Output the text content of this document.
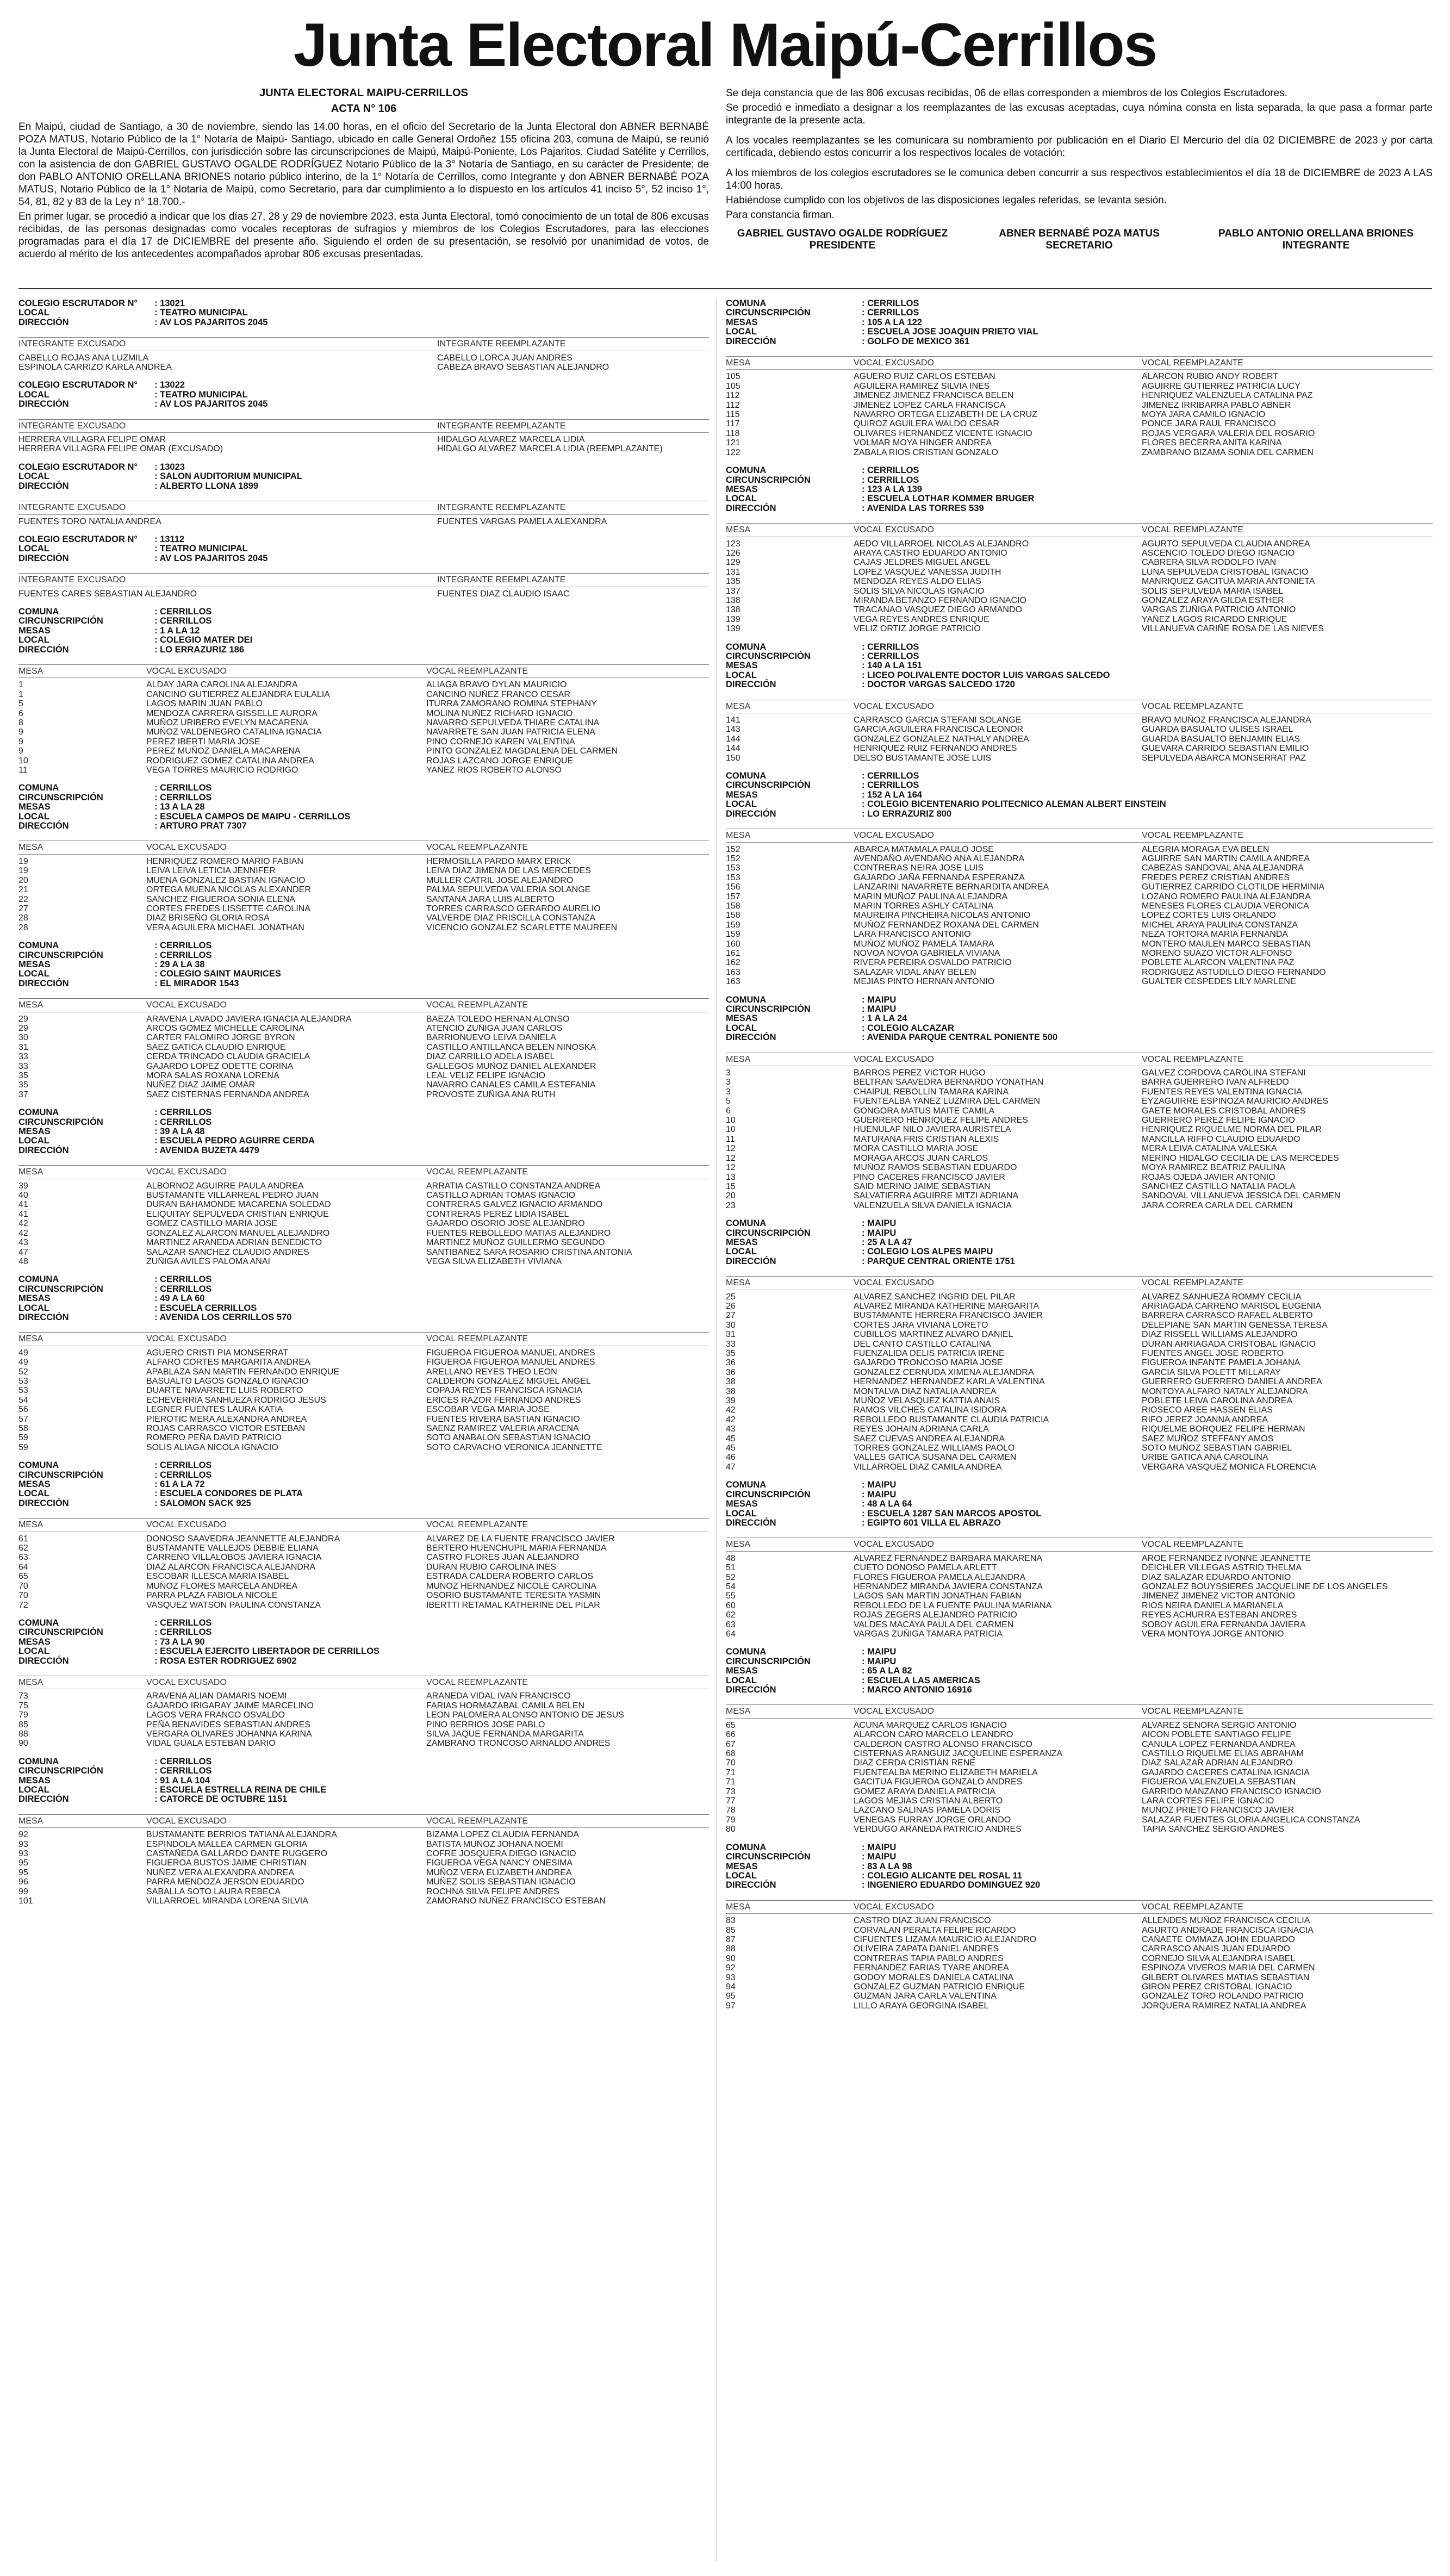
Junta Electoral Maipú-Cerrillos
JUNTA ELECTORAL MAIPU-CERRILLOS
ACTA N° 106

En Maipú, ciudad de Santiago, a 30 de noviembre, siendo las 14.00 horas, en el oficio del Secretario de la Junta Electoral don ABNER BERNABÉ POZA MATUS, Notario Público de la 1° Notaría de Maipú- Santiago, ubicado en calle General Ordoñez 155 oficina 203, comuna de Maipú, se reunió la Junta Electoral de Maipú-Cerrillos, con jurisdicción sobre las circunscripciones de Maipú, Maipú-Poniente, Los Pajaritos, Ciudad Satélite y Cerrillos, con la asistencia de don GABRIEL GUSTAVO OGALDE RODRÍGUEZ Notario Público de la 3° Notaría de Santiago, en su carácter de Presidente; de don PABLO ANTONIO ORELLANA BRIONES notario público interino, de la 1° Notaría de Cerrillos, como Integrante y don ABNER BERNABÉ POZA MATUS, Notario Público de la 1° Notaría de Maipú, como Secretario, para dar cumplimiento a lo dispuesto en los artículos 41 inciso 5°, 52 inciso 1°, 54, 81, 82 y 83 de la Ley n° 18.700.-

En primer lugar, se procedió a indicar que los días 27, 28 y 29 de noviembre 2023, esta Junta Electoral, tomó conocimiento de un total de 806 excusas recibidas, de las personas designadas como vocales receptoras de sufragios y miembros de los Colegios Escrutadores, para las elecciones programadas para el día 17 de DICIEMBRE del presente año. Siguiendo el orden de su presentación, se resolvió por unanimidad de votos, de acuerdo al mérito de los antecedentes acompañados aprobar 806 excusas presentadas.

Se deja constancia que de las 806 excusas recibidas, 06 de ellas corresponden a miembros de los Colegios Escrutadores.

Se procedió e inmediato a designar a los reemplazantes de las excusas aceptadas, cuya nómina consta en lista separada, la que pasa a formar parte integrante de la presente acta.

A los vocales reemplazantes se les comunicara su nombramiento por publicación en el Diario El Mercurio del día 02 DICIEMBRE de 2023 y por carta certificada, debiendo estos concurrir a los respectivos locales de votación:

A los miembros de los colegios escrutadores se le comunica deben concurrir a sus respectivos establecimientos el día 18 de DICIEMBRE de 2023 A LAS 14:00 horas.

Habiéndose cumplido con los objetivos de las disposiciones legales referidas, se levanta sesión.

Para constancia firman.

GABRIEL GUSTAVO OGALDE RODRÍGUEZ
PRESIDENTE
ABNER BERNABÉ POZA MATUS
SECRETARIO
PABLO ANTONIO ORELLANA BRIONES
INTEGRANTE
COLEGIO ESCRUTADOR N° : 13021
LOCAL	: TEATRO MUNICIPAL
DIRECCIÓN	: AV LOS PAJARITOS 2045
INTEGRANTE EXCUSADO	INTEGRANTE REEMPLAZANTE
CABELLO ROJAS ANA LUZMILA	CABELLO LORCA JUAN ANDRES
ESPINOLA CARRIZO KARLA ANDREA	CABEZA BRAVO SEBASTIAN ALEJANDRO
COLEGIO ESCRUTADOR N° : 13022
LOCAL	: TEATRO MUNICIPAL
DIRECCIÓN	: AV LOS PAJARITOS 2045
INTEGRANTE EXCUSADO	INTEGRANTE REEMPLAZANTE
HERRERA VILLAGRA FELIPE OMAR	HIDALGO ALVAREZ MARCELA LIDIA
HERRERA VILLAGRA FELIPE OMAR (EXCUSADO)	HIDALGO ALVAREZ MARCELA LIDIA (REEMPLAZANTE)
COLEGIO ESCRUTADOR N° : 13023
LOCAL	: SALON AUDITORIUM MUNICIPAL
DIRECCIÓN	: ALBERTO LLONA 1899
INTEGRANTE EXCUSADO	INTEGRANTE REEMPLAZANTE
FUENTES TORO NATALIA ANDREA	FUENTES VARGAS PAMELA ALEXANDRA
COLEGIO ESCRUTADOR N° : 13112
LOCAL	: TEATRO MUNICIPAL
DIRECCIÓN	: AV LOS PAJARITOS 2045
INTEGRANTE EXCUSADO	INTEGRANTE REEMPLAZANTE
FUENTES CARES SEBASTIAN ALEJANDRO	FUENTES DIAZ CLAUDIO ISAAC
COMUNA	: CERRILLOS
CIRCUNSCRIPCIÓN	: CERRILLOS
MESAS	: 1 A LA 12
LOCAL	: COLEGIO MATER DEI
DIRECCIÓN	: LO ERRAZURIZ 186
MESA	VOCAL EXCUSADO	VOCAL REEMPLAZANTE
1	ALDAY JARA CAROLINA ALEJANDRA	ALIAGA BRAVO DYLAN MAURICIO
1	CANCINO GUTIERREZ ALEJANDRA EULALIA	CANCINO NUÑEZ FRANCO CESAR
5	LAGOS MARIN JUAN PABLO	ITURRA ZAMORANO ROMINA STEPHANY
6	MENDOZA CARRERA GISSELLE AURORA	MOLINA NUÑEZ RICHARD IGNACIO
8	MUÑOZ URIBERO EVELYN MACARENA	NAVARRO SEPULVEDA THIARE CATALINA
9	MUÑOZ VALDENEGRO CATALINA IGNACIA	NAVARRETE SAN JUAN PATRICIA ELENA
9	PEREZ IBERTI MARIA JOSE	PINO CORNEJO KAREN VALENTINA
9	PEREZ MUÑOZ DANIELA MACARENA	PINTO GONZALEZ MAGDALENA DEL CARMEN
10	RODRIGUEZ GOMEZ CATALINA ANDREA	ROJAS LAZCANO JORGE ENRIQUE
11	VEGA TORRES MAURICIO RODRIGO	YAÑEZ RIOS ROBERTO ALONSO
COMUNA	: CERRILLOS
CIRCUNSCRIPCIÓN	: CERRILLOS
MESAS	: 13 A LA 28
LOCAL	: ESCUELA CAMPOS DE MAIPU - CERRILLOS
DIRECCIÓN	: ARTURO PRAT 7307
MESA	VOCAL EXCUSADO	VOCAL REEMPLAZANTE
19	HENRIQUEZ ROMERO MARIO FABIAN	HERMOSILLA PARDO MARX ERICK
19	LEIVA LEIVA LETICIA JENNIFER	LEIVA DIAZ JIMENA DE LAS MERCEDES
20	MUENA GONZALEZ BASTIAN IGNACIO	MULLER CATRIL JOSE ALEJANDRO
21	ORTEGA MUENA NICOLAS ALEXANDER	PALMA SEPULVEDA VALERIA SOLANGE
22	SANCHEZ FIGUEROA SONIA ELENA	SANTANA JARA LUIS ALBERTO
27	CORTES FREDES LISSETTE CAROLINA	TORRES CARRASCO GERARDO AURELIO
28	DIAZ BRISEÑO GLORIA ROSA	VALVERDE DIAZ PRISCILLA CONSTANZA
28	VERA AGUILERA MICHAEL JONATHAN	VICENCIO GONZALEZ SCARLETTE MAUREEN
COMUNA	: CERRILLOS
CIRCUNSCRIPCIÓN	: CERRILLOS
MESAS	: 29 A LA 38
LOCAL	: COLEGIO SAINT MAURICES
DIRECCIÓN	: EL MIRADOR 1543
MESA	VOCAL EXCUSADO	VOCAL REEMPLAZANTE
29	ARAVENA LAVADO JAVIERA IGNACIA ALEJANDRA	BAEZA TOLEDO HERNAN ALONSO
29	ARCOS GOMEZ MICHELLE CAROLINA	ATENCIO ZUÑIGA JUAN CARLOS
30	CARTER FALOMIRO JORGE BYRON	BARRIONUEVO LEIVA DANIELA
31	SAEZ GATICA CLAUDIO ENRIQUE	CASTILLO ANTILLANCA BELEN NINOSKA
33	CERDA TRINCADO CLAUDIA GRACIELA	DIAZ CARRILLO ADELA ISABEL
33	GAJARDO LOPEZ ODETTE CORINA	GALLEGOS MUÑOZ DANIEL ALEXANDER
35	MORA SALAS ROXANA LORENA	LEAL VELIZ FELIPE IGNACIO
35	NUÑEZ DIAZ JAIME OMAR	NAVARRO CANALES CAMILA ESTEFANIA
37	SAEZ CISTERNAS FERNANDA ANDREA	PROVOSTE ZUÑIGA ANA RUTH
COMUNA	: CERRILLOS
CIRCUNSCRIPCIÓN	: CERRILLOS
MESAS	: 39 A LA 48
LOCAL	: ESCUELA PEDRO AGUIRRE CERDA
DIRECCIÓN	: AVENIDA BUZETA 4479
MESA	VOCAL EXCUSADO	VOCAL REEMPLAZANTE
39	ALBORNOZ AGUIRRE PAULA ANDREA	ARRATIA CASTILLO CONSTANZA ANDREA
40	BUSTAMANTE VILLARREAL PEDRO JUAN	CASTILLO ADRIAN TOMAS IGNACIO
41	DURAN BAHAMONDE MACARENA SOLEDAD	CONTRERAS GALVEZ IGNACIO ARMANDO
41	ELIQUITAY SEPULVEDA CRISTIAN ENRIQUE	CONTRERAS PEREZ LIDIA ISABEL
42	GOMEZ CASTILLO MARIA JOSE	GAJARDO OSORIO JOSE ALEJANDRO
42	GONZALEZ ALARCON MANUEL ALEJANDRO	FUENTES REBOLLEDO MATIAS ALEJANDRO
43	MARTINEZ ARANEDA ADRIAN BENEDICTO	MARTINEZ MUÑOZ GUILLERMO SEGUNDO
47	SALAZAR SANCHEZ CLAUDIO ANDRES	SANTIBAÑEZ SARA ROSARIO CRISTINA ANTONIA
48	ZUÑIGA AVILES PALOMA ANAI	VEGA SILVA ELIZABETH VIVIANA
COMUNA	: CERRILLOS
CIRCUNSCRIPCIÓN	: CERRILLOS
MESAS	: 49 A LA 60
LOCAL	: ESCUELA CERRILLOS
DIRECCIÓN	: AVENIDA LOS CERRILLOS 570
MESA	VOCAL EXCUSADO	VOCAL REEMPLAZANTE
49	AGUERO CRISTI PIA MONSERRAT	FIGUEROA FIGUEROA MANUEL ANDRES
49	ALFARO CORTES MARGARITA ANDREA	FIGUEROA FIGUEROA MANUEL ANDRES
52	APABLAZA SAN MARTIN FERNANDO ENRIQUE	ARELLANO REYES THEO LEON
53	BASUALTO LAGOS GONZALO IGNACIO	CALDERON GONZALEZ MIGUEL ANGEL
53	DUARTE NAVARRETE LUIS ROBERTO	COPAJA REYES FRANCISCA IGNACIA
54	ECHEVERRIA SANHUEZA RODRIGO JESUS	ERICES RAZOR FERNANDO ANDRES
56	LEGNER FUENTES LAURA KATIA	ESCOBAR VEGA MARIA JOSE
57	PIEROTIC MERA ALEXANDRA ANDREA	FUENTES RIVERA BASTIAN IGNACIO
58	ROJAS CARRASCO VICTOR ESTEBAN	SAENZ RAMIREZ VALERIA ARACENA
59	ROMERO PEÑA DAVID PATRICIO	SOTO ANABALON SEBASTIAN IGNACIO
59	SOLIS ALIAGA NICOLA IGNACIO	SOTO CARVACHO VERONICA JEANNETTE
COMUNA	: CERRILLOS
CIRCUNSCRIPCIÓN	: CERRILLOS
MESAS	: 61 A LA 72
LOCAL	: ESCUELA CONDORES DE PLATA
DIRECCIÓN	: SALOMON SACK 925
MESA	VOCAL EXCUSADO	VOCAL REEMPLAZANTE
61	DONOSO SAAVEDRA JEANNETTE ALEJANDRA	ALVAREZ DE LA FUENTE FRANCISCO JAVIER
62	BUSTAMANTE VALLEJOS DEBBIE ELIANA	BERTERO HUENCHUPIL MARIA FERNANDA
63	CARREÑO VILLALOBOS JAVIERA IGNACIA	CASTRO FLORES JUAN ALEJANDRO
64	DIAZ ALARCON FRANCISCA ALEJANDRA	DURAN RUBIO CAROLINA INES
65	ESCOBAR ILLESCA MARIA ISABEL	ESTRADA CALDERA ROBERTO CARLOS
70	MUÑOZ FLORES MARCELA ANDREA	MUÑOZ HERNANDEZ NICOLE CAROLINA
70	PARRA PLAZA FABIOLA NICOLE	OSORIO BUSTAMANTE TERESITA YASMIN
72	VASQUEZ WATSON PAULINA CONSTANZA	IBERTTI RETAMAL KATHERINE DEL PILAR
COMUNA	: CERRILLOS
CIRCUNSCRIPCIÓN	: CERRILLOS
MESAS	: 73 A LA 90
LOCAL	: ESCUELA EJERCITO LIBERTADOR DE CERRILLOS
DIRECCIÓN	: ROSA ESTER RODRIGUEZ 6902
MESA	VOCAL EXCUSADO	VOCAL REEMPLAZANTE
73	ARAVENA ALIAN DAMARIS NOEMI	ARANEDA VIDAL IVAN FRANCISCO
75	GAJARDO IRIGARAY JAIME MARCELINO	FARIAS HORMAZABAL CAMILA BELEN
79	LAGOS VERA FRANCO OSVALDO	LEON PALOMERA ALONSO ANTONIO DE JESUS
85	PEÑA BENAVIDES SEBASTIAN ANDRES	PINO BERRIOS JOSE PABLO
88	VERGARA OLIVARES JOHANNA KARINA	SILVA JAQUE FERNANDA MARGARITA
90	VIDAL GUALA ESTEBAN DARIO	ZAMBRANO TRONCOSO ARNALDO ANDRES
COMUNA	: CERRILLOS
CIRCUNSCRIPCIÓN	: CERRILLOS
MESAS	: 91 A LA 104
LOCAL	: ESCUELA ESTRELLA REINA DE CHILE
DIRECCIÓN	: CATORCE DE OCTUBRE 1151
MESA	VOCAL EXCUSADO	VOCAL REEMPLAZANTE
92	BUSTAMANTE BERRIOS TATIANA ALEJANDRA	BIZAMA LOPEZ CLAUDIA FERNANDA
93	ESPINDOLA MALLEA CARMEN GLORIA	BATISTA MUÑOZ JOHANA NOEMI
93	CASTAÑEDA GALLARDO DANTE RUGGERO	COFRE JOSQUERA DIEGO IGNACIO
95	FIGUEROA BUSTOS JAIME CHRISTIAN	FIGUEROA VEGA NANCY ONESIMA
95	NUÑEZ VERA ALEXANDRA ANDREA	MUÑOZ VERA ELIZABETH ANDREA
96	PARRA MENDOZA JERSON EDUARDO	MUÑEZ SOLIS SEBASTIAN IGNACIO
99	SABALLA SOTO LAURA REBECA	ROCHNA SILVA FELIPE ANDRES
101	VILLARROEL MIRANDA LORENA SILVIA	ZAMORANO NUÑEZ FRANCISCO ESTEBAN
COMUNA	: CERRILLOS
CIRCUNSCRIPCIÓN	: CERRILLOS
MESAS	: 105 A LA 122
LOCAL	: ESCUELA JOSE JOAQUIN PRIETO VIAL
DIRECCIÓN	: GOLFO DE MEXICO 361
MESA	VOCAL EXCUSADO	VOCAL REEMPLAZANTE
105	AGUERO RUIZ CARLOS ESTEBAN	ALARCON RUBIO ANDY ROBERT
105	AGUILERA RAMIREZ SILVIA INES	AGUIRRE GUTIERREZ PATRICIA LUCY
112	JIMENEZ JIMENEZ FRANCISCA BELEN	HENRIQUEZ VALENZUELA CATALINA PAZ
112	JIMENEZ LOPEZ CARLA FRANCISCA	JIMENEZ IRRIBARRA PABLO ABNER
115	NAVARRO ORTEGA ELIZABETH DE LA CRUZ	MOYA JARA CAMILO IGNACIO
117	QUIROZ AGUILERA WALDO CESAR	PONCE JARA RAUL FRANCISCO
118	OLIVARES HERNANDEZ VICENTE IGNACIO	ROJAS VERGARA VALERIA DEL ROSARIO
121	VOLMAR MOYA HINGER ANDREA	FLORES BECERRA ANITA KARINA
122	ZABALA RIOS CRISTIAN GONZALO	ZAMBRANO BIZAMA SONIA DEL CARMEN
COMUNA	: CERRILLOS
CIRCUNSCRIPCIÓN	: CERRILLOS
MESAS	: 123 A LA 139
LOCAL	: ESCUELA LOTHAR KOMMER BRUGER
DIRECCIÓN	: AVENIDA LAS TORRES 539
MESA	VOCAL EXCUSADO	VOCAL REEMPLAZANTE
123	AEDO VILLARROEL NICOLAS ALEJANDRO	AGURTO SEPULVEDA CLAUDIA ANDREA
126	ARAYA CASTRO EDUARDO ANTONIO	ASCENCIO TOLEDO DIEGO IGNACIO
129	CAJAS JELDRES MIGUEL ANGEL	CABRERA SILVA RODOLFO IVAN
131	LOPEZ VASQUEZ VANESSA JUDITH	LUNA SEPULVEDA CRISTOBAL IGNACIO
135	MENDOZA REYES ALDO ELIAS	MANRIQUEZ GACITUA MARIA ANTONIETA
137	SOLIS SILVA NICOLAS IGNACIO	SOLIS SEPULVEDA MARIA ISABEL
138	MIRANDA BETANZO FERNANDO IGNACIO	GONZALEZ ARAYA GILDA ESTHER
138	TRACANAO VASQUEZ DIEGO ARMANDO	VARGAS ZUÑIGA PATRICIO ANTONIO
139	VEGA REYES ANDRES ENRIQUE	YAÑEZ LAGOS RICARDO ENRIQUE
139	VELIZ ORTIZ JORGE PATRICIO	VILLANUEVA CARIÑE ROSA DE LAS NIEVES
COMUNA	: CERRILLOS
CIRCUNSCRIPCIÓN	: CERRILLOS
MESAS	: 140 A LA 151
LOCAL	: LICEO POLIVALENTE DOCTOR LUIS VARGAS SALCEDO
DIRECCIÓN	: DOCTOR VARGAS SALCEDO 1720
MESA	VOCAL EXCUSADO	VOCAL REEMPLAZANTE
141	CARRASCO GARCIA STEFANI SOLANGE	BRAVO MUÑOZ FRANCISCA ALEJANDRA
143	GARCIA AGUILERA FRANCISCA LEONOR	GUARDA BASUALTO ULISES ISRAEL
144	GONZALEZ GONZALEZ NATHALY ANDREA	GUARDA BASUALTO BENJAMIN ELIAS
144	HENRIQUEZ RUIZ FERNANDO ANDRES	GUEVARA CARRIDO SEBASTIAN EMILIO
150	DELSO BUSTAMANTE JOSE LUIS	SEPULVEDA ABARCA MONSERRAT PAZ
COMUNA	: CERRILLOS
CIRCUNSCRIPCIÓN	: CERRILLOS
MESAS	: 152 A LA 164
LOCAL	: COLEGIO BICENTENARIO POLITECNICO ALEMAN ALBERT EINSTEIN
DIRECCIÓN	: LO ERRAZURIZ 800
MESA	VOCAL EXCUSADO	VOCAL REEMPLAZANTE
152	ABARCA MATAMALA PAULO JOSE	ALEGRIA MORAGA EVA BELEN
152	AVENDAÑO AVENDAÑO ANA ALEJANDRA	AGUIRRE SAN MARTIN CAMILA ANDREA
153	CONTRERAS NEIRA JOSE LUIS	CABEZAS SANDOVAL ANA ALEJANDRA
153	GAJARDO JAÑA FERNANDA ESPERANZA	FREDES PEREZ CRISTIAN ANDRES
156	LANZARINI NAVARRETE BERNARDITA ANDREA	GUTIERREZ CARRIDO CLOTILDE HERMINIA
157	MARIN MUÑOZ PAULINA ALEJANDRA	LOZANO ROMERO PAULINA ALEJANDRA
158	MARIN TORRES ASHLY CATALINA	MENESES FLORES CLAUDIA VERONICA
158	MAUREIRA PINCHEIRA NICOLAS ANTONIO	LOPEZ CORTES LUIS ORLANDO
159	MUÑOZ FERNANDEZ ROXANA DEL CARMEN	MICHEL ARAYA PAULINA CONSTANZA
159	LARA FRANCISCO ANTONIO	NEZA TORTORA MARIA FERNANDA
160	MUÑOZ MUÑOZ PAMELA TAMARA	MONTERO MAULEN MARCO SEBASTIAN
161	NOVOA NOVOA GABRIELA VIVIANA	MORENO SUAZO VICTOR ALFONSO
162	RIVERA PEREIRA OSVALDO PATRICIO	POBLETE ALARCON VALENTINA PAZ
163	SALAZAR VIDAL ANAY BELEN	RODRIGUEZ ASTUDILLO DIEGO FERNANDO
163	MEJIAS PINTO HERNAN ANTONIO	GUALTER CESPEDES LILY MARLENE
COMUNA	: MAIPU
CIRCUNSCRIPCIÓN	: MAIPU
MESAS	: 1 A LA 24
LOCAL	: COLEGIO ALCAZAR
DIRECCIÓN	: AVENIDA PARQUE CENTRAL PONIENTE 500
MESA	VOCAL EXCUSADO	VOCAL REEMPLAZANTE
3	BARROS PEREZ VICTOR HUGO	GALVEZ CORDOVA CAROLINA STEFANI
3	BELTRAN SAAVEDRA BERNARDO YONATHAN	BARRA GUERRERO IVAN ALFREDO
3	CHAIPUL REBOLLIN TAMARA KARINA	FUENTES REYES VALENTINA IGNACIA
5	FUENTEALBA YAÑEZ LUZMIRA DEL CARMEN	EYZAGUIRRE ESPINOZA MAURICIO ANDRES
6	GONGORA MATUS MAITE CAMILA	GAETE MORALES CRISTOBAL ANDRES
10	GUERRERO HENRIQUEZ FELIPE ANDRES	GUERRERO PEREZ FELIPE IGNACIO
10	HUENULAF NILO JAVIERA AURISTELA	HENRIQUEZ RIQUELME NORMA DEL PILAR
11	MATURANA FRIS CRISTIAN ALEXIS	MANCILLA RIFFO CLAUDIO EDUARDO
12	MORA CASTILLO MARIA JOSE	MERA LEIVA CATALINA VALESKA
12	MORAGA ARCOS JUAN CARLOS	MERINO HIDALGO CECILIA DE LAS MERCEDES
12	MUÑOZ RAMOS SEBASTIAN EDUARDO	MOYA RAMIREZ BEATRIZ PAULINA
13	PINO CACERES FRANCISCO JAVIER	ROJAS OJEDA JAVIER ANTONIO
15	SAID MERINO JAIME SEBASTIAN	SANCHEZ CASTILLO NATALIA PAOLA
20	SALVATIERRA AGUIRRE MITZI ADRIANA	SANDOVAL VILLANUEVA JESSICA DEL CARMEN
23	VALENZUELA SILVA DANIELA IGNACIA	JARA CORREA CARLA DEL CARMEN
COMUNA	: MAIPU
CIRCUNSCRIPCIÓN	: MAIPU
MESAS	: 25 A LA 47
LOCAL	: COLEGIO LOS ALPES MAIPU
DIRECCIÓN	: PARQUE CENTRAL ORIENTE 1751
MESA	VOCAL EXCUSADO	VOCAL REEMPLAZANTE
25	ALVAREZ SANCHEZ INGRID DEL PILAR	ALVAREZ SANHUEZA ROMMY CECILIA
26	ALVAREZ MIRANDA KATHERINE MARGARITA	ARRIAGADA CARREÑO MARISOL EUGENIA
27	BUSTAMANTE HERRERA FRANCISCO JAVIER	BARRERA CARRASCO RAFAEL ALBERTO
30	CORTES JARA VIVIANA LORETO	DELEPIANE SAN MARTIN GENESSA TERESA
31	CUBILLOS MARTINEZ ALVARO DANIEL	DIAZ RISSELL WILLIAMS ALEJANDRO
33	DEL CANTO CASTILLO CATALINA	DURAN ARRIAGADA CRISTOBAL IGNACIO
35	FUENZALIDA DELIS PATRICIA IRENE	FUENTES ANGEL JOSE ROBERTO
36	GAJARDO TRONCOSO MARIA JOSE	FIGUEROA INFANTE PAMELA JOHANA
36	GONZALEZ CERNUDA XIMENA ALEJANDRA	GARCIA SILVA POLETT MILLARAY
38	HERNANDEZ HERNANDEZ KARLA VALENTINA	GUERRERO GUERRERO DANIELA ANDREA
38	MONTALVA DIAZ NATALIA ANDREA	MONTOYA ALFARO NATALY ALEJANDRA
39	MUÑOZ VELASQUEZ KATTIA ANAIS	POBLETE LEIVA CAROLINA ANDREA
42	RAMOS VILCHES CATALINA ISIDORA	RIOSECO AREE HASSEN ELIAS
42	REBOLLEDO BUSTAMANTE CLAUDIA PATRICIA	RIFO JEREZ JOANNA ANDREA
43	REYES JOHAIN ADRIANA CARLA	RIQUELME BORQUEZ FELIPE HERMAN
45	SAEZ CUEVAS ANDREA ALEJANDRA	SAEZ MUÑOZ STEFFANY AMOS
45	TORRES GONZALEZ WILLIAMS PAOLO	SOTO MUÑOZ SEBASTIAN GABRIEL
46	VALLES GATICA SUSANA DEL CARMEN	URIBE GATICA ANA CAROLINA
47	VILLARROEL DIAZ CAMILA ANDREA	VERGARA VASQUEZ MONICA FLORENCIA
COMUNA	: MAIPU
CIRCUNSCRIPCIÓN	: MAIPU
MESAS	: 48 A LA 64
LOCAL	: ESCUELA 1287 SAN MARCOS APOSTOL
DIRECCIÓN	: EGIPTO 601 VILLA EL ABRAZO
MESA	VOCAL EXCUSADO	VOCAL REEMPLAZANTE
48	ALVAREZ FERNANDEZ BARBARA MAKARENA	AROE FERNANDEZ IVONNE JEANNETTE
51	CUETO DONOSO PAMELA ARLETT	DEICHLER VILLEGAS ASTRID THELMA
52	FLORES FIGUEROA PAMELA ALEJANDRA	DIAZ SALAZAR EDUARDO ANTONIO
54	HERNANDEZ MIRANDA JAVIERA CONSTANZA	GONZALEZ BOUYSSIERES JACQUELINE DE LOS ANGELES
55	LAGOS SAN MARTIN JONATHAN FABIAN	JIMENEZ JIMENEZ VICTOR ANTONIO
60	REBOLLEDO DE LA FUENTE PAULINA MARIANA	RIOS NEIRA DANIELA MARIANELA
62	ROJAS ZEGERS ALEJANDRO PATRICIO	REYES ACHURRA ESTEBAN ANDRES
63	VALDES MACAYA PAULA DEL CARMEN	SOBOY AGUILERA FERNANDA JAVIERA
64	VARGAS ZUÑIGA TAMARA PATRICIA	VERA MONTOYA JORGE ANTONIO
COMUNA	: MAIPU
CIRCUNSCRIPCIÓN	: MAIPU
MESAS	: 65 A LA 82
LOCAL	: ESCUELA LAS AMERICAS
DIRECCIÓN	: MARCO ANTONIO 16916
MESA	VOCAL EXCUSADO	VOCAL REEMPLAZANTE
65	ACUÑA MARQUEZ CARLOS IGNACIO	ALVAREZ SENORA SERGIO ANTONIO
66	ALARCON CARO MARCELO LEANDRO	AICON POBLETE SANTIAGO FELIPE
67	CALDERON CASTRO ALONSO FRANCISCO	CANULA LOPEZ FERNANDA ANDREA
68	CISTERNAS ARANGUIZ JACQUELINE ESPERANZA	CASTILLO RIQUELME ELIAS ABRAHAM
70	DIAZ CERDA CRISTIAN RENE	DIAZ SALAZAR ADRIAN ALEJANDRO
71	FUENTEALBA MERINO ELIZABETH MARIELA	GAJARDO CACERES CATALINA IGNACIA
71	GACITUA FIGUEROA GONZALO ANDRES	FIGUEROA VALENZUELA SEBASTIAN
73	GOMEZ ARAYA DANIELA PATRICIA	GARRIDO MANZANO FRANCISCO IGNACIO
77	LAGOS MEJIAS CRISTIAN ALBERTO	LARA CORTES FELIPE IGNACIO
78	LAZCANO SALINAS PAMELA DORIS	MUÑOZ PRIETO FRANCISCO JAVIER
79	VENEGAS FURRAY JORGE ORLANDO	SALAZAR FUENTES GLORIA ANGELICA CONSTANZA
80	VERDUGO ARANEDA PATRICIO ANDRES	TAPIA SANCHEZ SERGIO ANDRES
COMUNA	: MAIPU
CIRCUNSCRIPCIÓN	: MAIPU
MESAS	: 83 A LA 98
LOCAL	: COLEGIO ALICANTE DEL ROSAL 11
DIRECCIÓN	: INGENIERO EDUARDO DOMINGUEZ 920
MESA	VOCAL EXCUSADO	VOCAL REEMPLAZANTE
83	CASTRO DIAZ JUAN FRANCISCO	ALLENDES MUÑOZ FRANCISCA CECILIA
85	CORVALAN PERALTA FELIPE RICARDO	AGURTO ANDRADE FRANCISCA IGNACIA
87	CIFUENTES LIZAMA MAURICIO ALEJANDRO	CAÑAETE OMMAZA JOHN EDUARDO
88	OLIVEIRA ZAPATA DANIEL ANDRES	CARRASCO ANAIS JUAN EDUARDO
90	CONTRERAS TAPIA PABLO ANDRES	CORNEJO SILVA ALEJANDRA ISABEL
92	FERNANDEZ FARIAS TYARE ANDREA	ESPINOZA VIVEROS MARIA DEL CARMEN
93	GODOY MORALES DANIELA CATALINA	GILBERT OLIVARES MATIAS SEBASTIAN
94	GONZALEZ GUZMAN PATRICIO ENRIQUE	GIRON PEREZ CRISTOBAL IGNACIO
95	GUZMAN JARA CARLA VALENTINA	GONZALEZ TORO ROLANDO PATRICIO
97	LILLO ARAYA GEORGINA ISABEL	JORQUERA RAMIREZ NATALIA ANDREA
